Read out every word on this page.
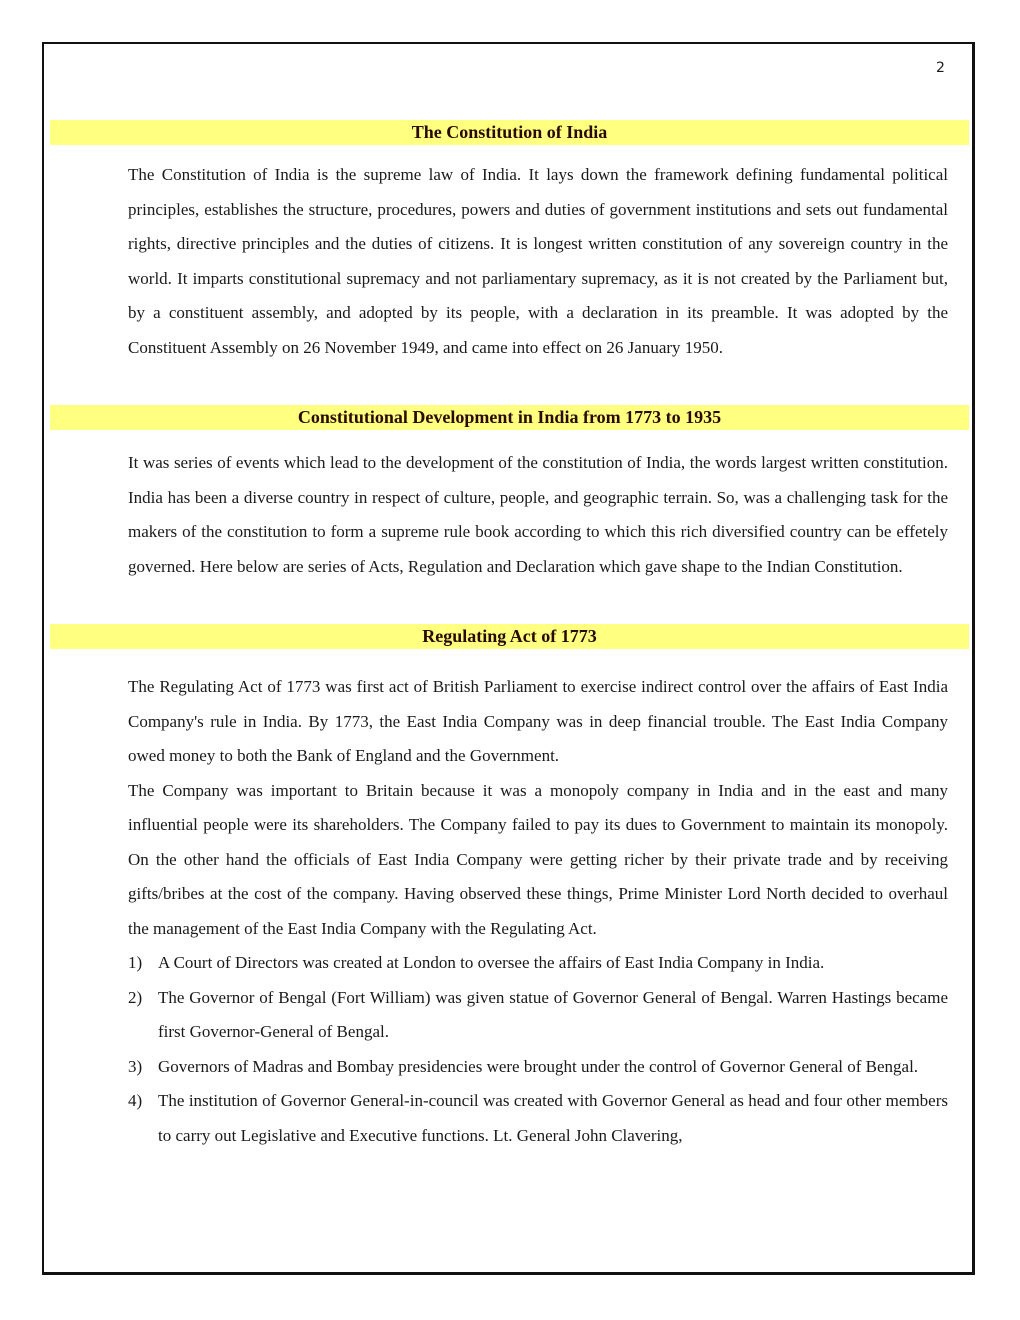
2
The Constitution of India

The Constitution of India is the supreme law of India. It lays down the framework defining fundamental political principles, establishes the structure, procedures, powers and duties of government institutions and sets out fundamental rights, directive principles and the duties of citizens. It is longest written constitution of any sovereign country in the world. It imparts constitutional supremacy and not parliamentary supremacy, as it is not created by the Parliament but, by a constituent assembly, and adopted by its people, with a declaration in its preamble. It was adopted by the Constituent Assembly on 26 November 1949, and came into effect on 26 January 1950.

Constitutional Development in India from 1773 to 1935

It was series of events which lead to the development of the constitution of India, the words largest written constitution. India has been a diverse country in respect of culture, people, and geographic terrain. So, was a challenging task for the makers of the constitution to form a supreme rule book according to which this rich diversified country can be effetely governed. Here below are series of Acts, Regulation and Declaration which gave shape to the Indian Constitution.

Regulating Act of 1773

The Regulating Act of 1773 was first act of British Parliament to exercise indirect control over the affairs of East India Company's rule in India. By 1773, the East India Company was in deep financial trouble. The East India Company owed money to both the Bank of England and the Government.

The Company was important to Britain because it was a monopoly company in India and in the east and many influential people were its shareholders. The Company failed to pay its dues to Government to maintain its monopoly. On the other hand the officials of East India Company were getting richer by their private trade and by receiving gifts/bribes at the cost of the company. Having observed these things, Prime Minister Lord North decided to overhaul the management of the East India Company with the Regulating Act.

1) A Court of Directors was created at London to oversee the affairs of East India Company in India.
2) The Governor of Bengal (Fort William) was given statue of Governor General of Bengal. Warren Hastings became first Governor-General of Bengal.
3) Governors of Madras and Bombay presidencies were brought under the control of Governor General of Bengal.
4) The institution of Governor General-in-council was created with Governor General as head and four other members to carry out Legislative and Executive functions. Lt. General John Clavering,
